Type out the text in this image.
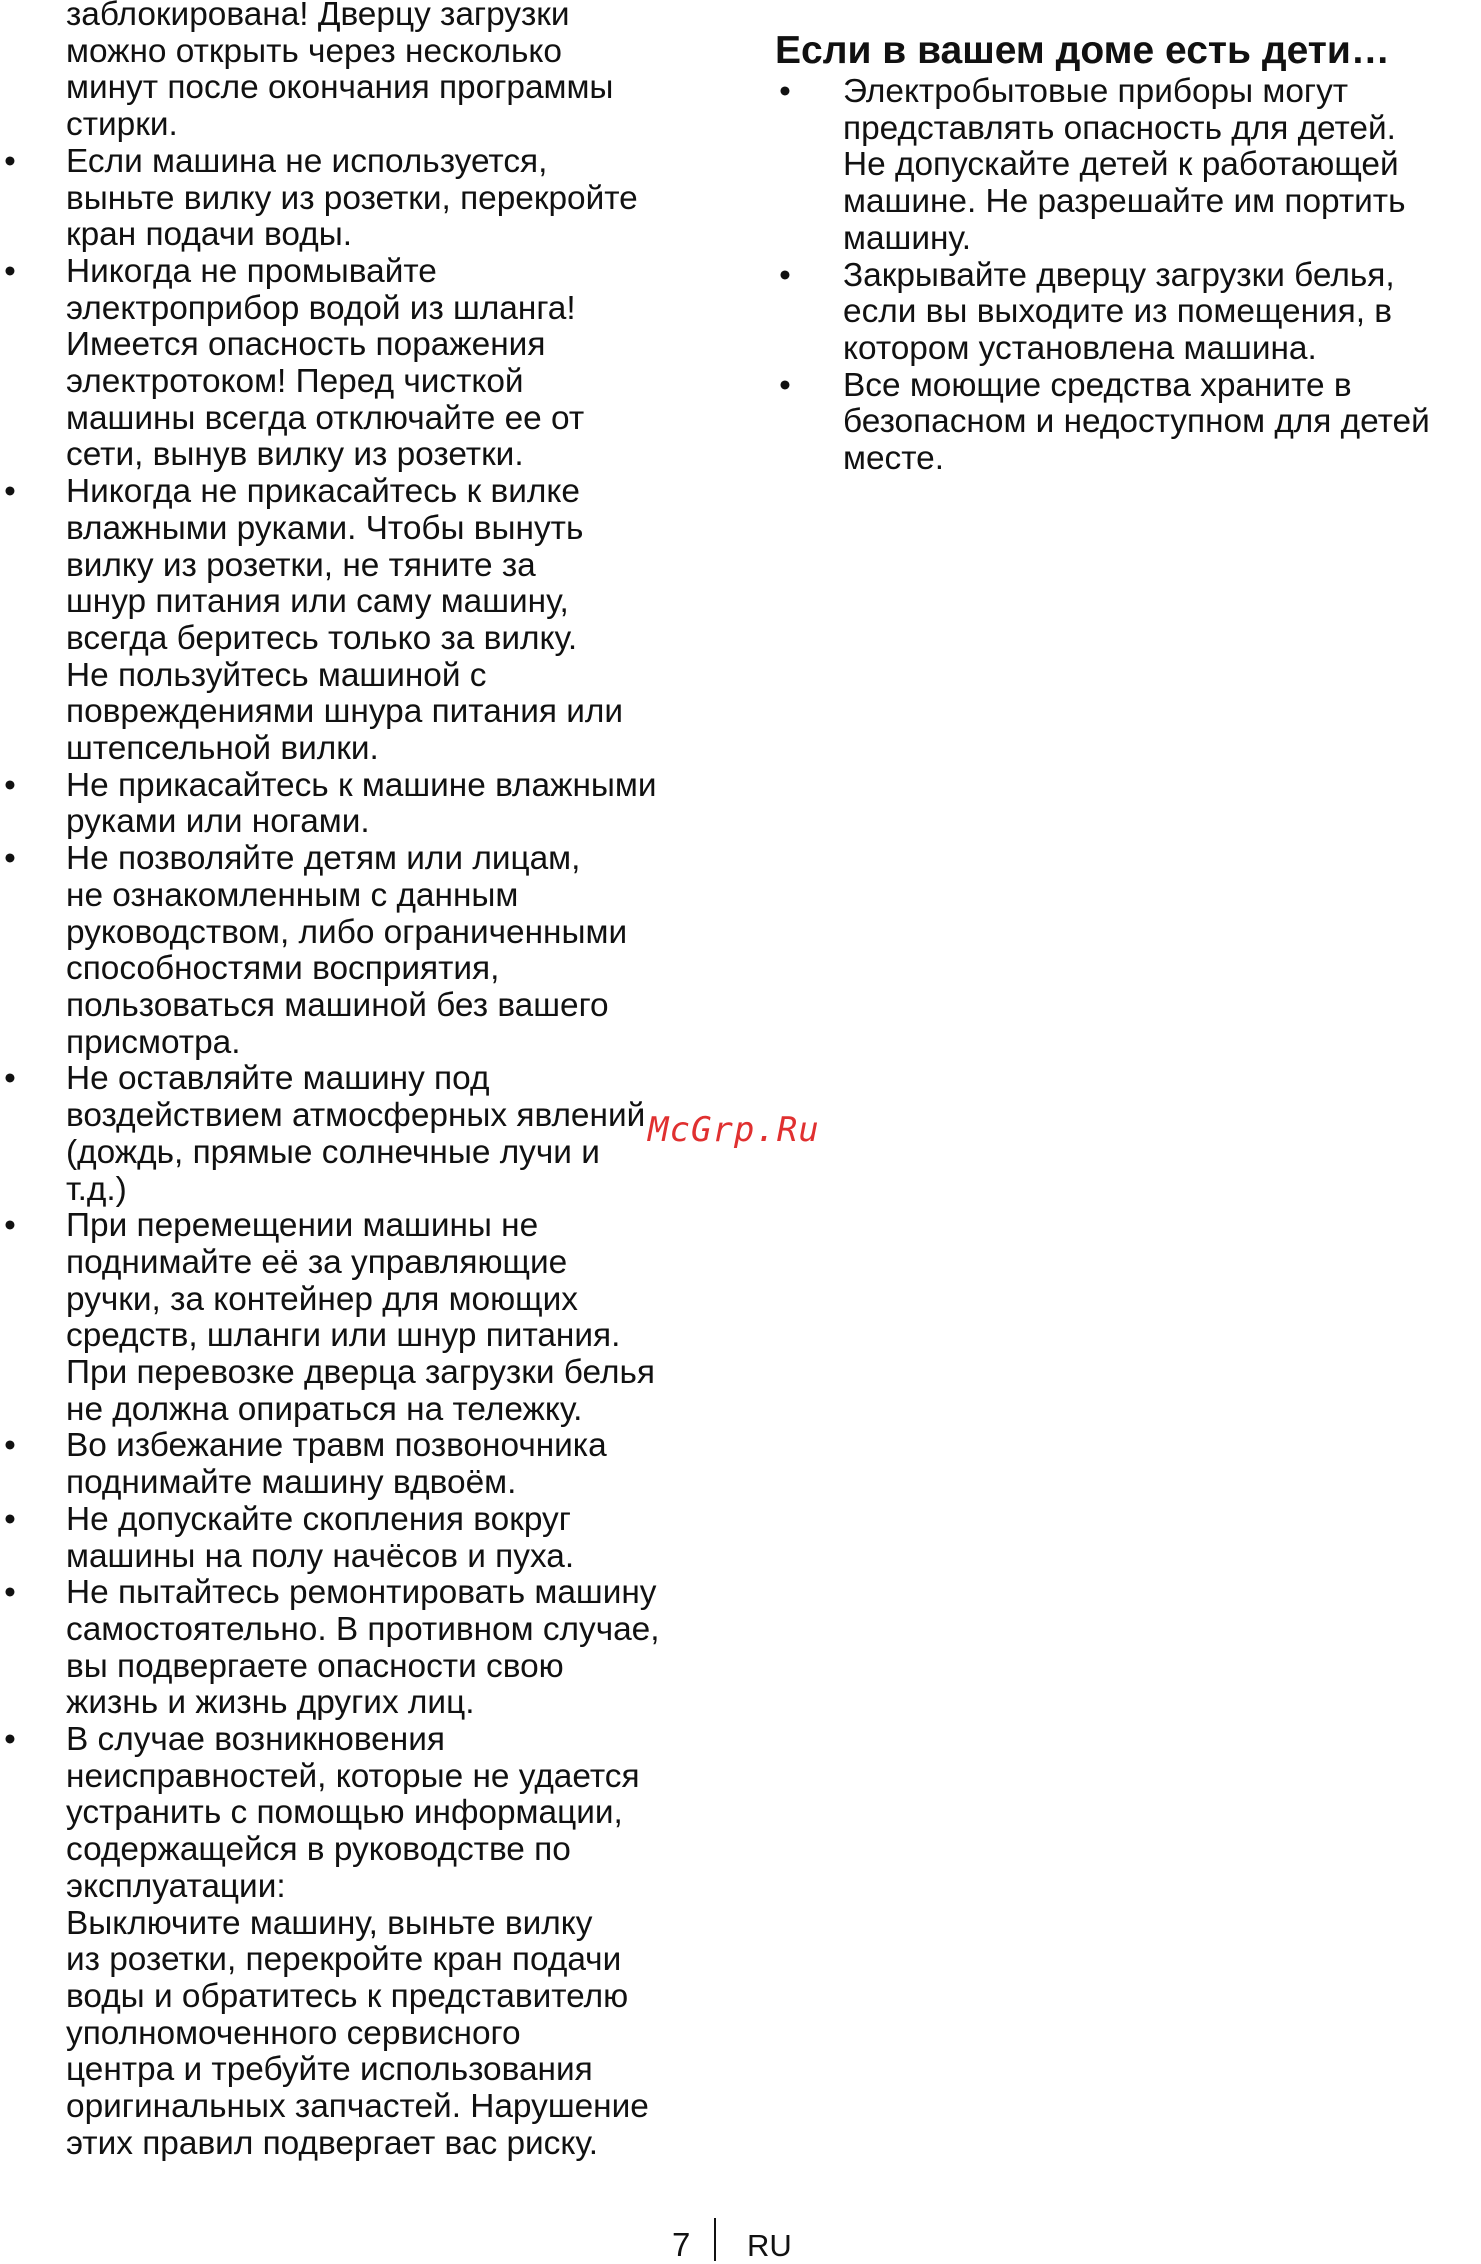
заблокирована! Дверцу загрузки
можно открыть через несколько
минут после окончания программы
стирки.

• Если машина не используется,
выньте вилку из розетки, перекройте
кран подачи воды.
• Никогда не промывайте
электроприбор водой из шланга!
Имеется опасность поражения
электротоком! Перед чисткой
машины всегда отключайте ее от
сети, вынув вилку из розетки.
• Никогда не прикасайтесь к вилке
влажными руками. Чтобы вынуть
вилку из розетки, не тяните за
шнур питания или саму машину,
всегда беритесь только за вилку.
Не пользуйтесь машиной с
повреждениями шнура питания или
штепсельной вилки.
• Не прикасайтесь к машине влажными
руками или ногами.
• Не позволяйте детям или лицам,
не ознакомленным с данным
руководством, либо ограниченными
способностями восприятия,
пользоваться машиной без вашего
присмотра.
• Не оставляйте машину под
воздействием атмосферных явлений
(дождь, прямые солнечные лучи и
т.д.)
• При перемещении машины не
поднимайте её за управляющие
ручки, за контейнер для моющих
средств, шланги или шнур питания.
При перевозке дверца загрузки белья
не должна опираться на тележку.
• Во избежание травм позвоночника
поднимайте машину вдвоём.
• Не допускайте скопления вокруг
машины на полу начёсов и пуха.
• Не пытайтесь ремонтировать машину
самостоятельно. В противном случае,
вы подвергаете опасности свою
жизнь и жизнь других лиц.
• В случае возникновения
неисправностей, которые не удается
устранить с помощью информации,
содержащейся в руководстве по
эксплуатации:
Выключите машину, выньте вилку
из розетки, перекройте кран подачи
воды и обратитесь к представителю
уполномоченного сервисного
центра и требуйте использования
оригинальных запчастей. Нарушение
этих правил подвергает вас риску.
Если в вашем доме есть дети…
• Электробытовые приборы могут
представлять опасность для детей.
Не допускайте детей к работающей
машине. Не разрешайте им портить
машину.
• Закрывайте дверцу загрузки белья,
если вы выходите из помещения, в
котором установлена машина.
• Все моющие средства храните в
безопасном и недоступном для детей
месте.
McGrp.Ru
7 RU
